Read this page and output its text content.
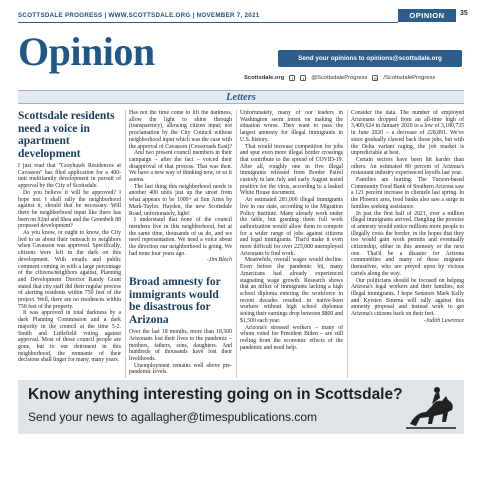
SCOTTSDALE PROGRESS | WWW.SCOTTSDALE.ORG | NOVEMBER 7, 2021	OPINION	35
Opinion	Send your opinions to opinions@scottsdale.org
Scottsdale.org	f	t	@ScottsdaleProgress	◎ /ScottsdaleProgress
Letters
Scottsdale residents need a voice in apartment development

I just read that "Grayhawk Residences at Cavasson" has filed application for a 400-unit multifamily development in pursuit of approval by the City of Scottsdale.

Do you believe it will be approved? I hope not. I shall rally the neighborhood against it, should that be necessary. Will there be neighborhood input like there has been on 92nd and Shea and the Greenbelt 88 proposed development?

As you know, or ought to know, the City lied to us about their outreach to neighbors when Cavasson was approved. Specifically, citizens were left in the dark on this development. With emails and public comment coming in with a large percentage of the citizens/neighbors against, Planning and Development Director Randy Grant stated that city staff did their regular process of alerting residents within 750 feet of the project. Well, there are no residences within 750 feet of the property.

It was approved in total darkness by a dark Planning Commission and a dark majority in the council at the time 5-2. Smith and Littlefield voting against approval. Most of those council people are gone, but to our detriment in this neighborhood, the remnants of their decisions shall linger for many, many years.

Has not the time come to lift the darkness, allow the light to shine through (transparency), allowing citizen input; not proclamation by the City Council without neighborhood input which was the case with the approval of Cavasson (Crossroads East)?

And two present council members in their campaign – after the fact – voiced their disapproval of that process. That was then. We have a new way of thinking now, or so it seems.

The last thing this neighborhood needs is another 400 units just up the street from what appears to be 1000+ at Sun Artes by Mark-Taylor. Hayden, the new Scottsdale Road, unfortunately, light!

I understand that none of the council members live in this neighborhood, but at the same time, thousands of us do, and we need representation. We need a voice about the direction our neighborhood is going. We had none four years ago.

-Jim Bloch

Broad amnesty for immigrants would be disastrous for Arizona

Over the last 18 months, more than 18,500 Arizonans lost their lives to the pandemic – mothers, fathers, sons, daughters. And hundreds of thousands have lost their livelihoods.

Unemployment remains well above pre-pandemic levels.

Unfortunately, many of our leaders in Washington seem intent on making the situation worse. They want to pass the largest amnesty for illegal immigrants in U.S. history.

That would increase competition for jobs and spur even more illegal border crossings that contribute to the spread of COVID-19. After all, roughly one in five illegal immigrants released from Border Patrol custody in late July and early August tested positive for the virus, according to a leaked White House document.

An estimated 281,000 illegal immigrants live in our state, according to the Migration Policy Institute. Many already work under the table, but granting them full work authorization would allow them to compete for a wider range of jobs against citizens and legal immigrants. That'd make it even more difficult for over 225,000 unemployed Arizonans to find work.

Meanwhile, overall wages would decline. Even before the pandemic hit, many Americans had already experienced stagnating wage growth. Research shows that an influx of immigrants lacking a high school diploma entering the workforce in recent decades resulted in native-born workers without high school diplomas seeing their earnings drop between $800 and $1,500 each year.

Arizona's stressed workers – many of whom voted for President Biden – are still reeling from the economic effects of the pandemic and need help.

Consider the data. The number of employed Arizonans dropped from an all-time high of 3,409,624 in January 2020 to a low of 3,180,735 in June 2020 – a decrease of 228,891. We've since gradually clawed back those jobs, but with the Delta variant raging, the job market is unpredictable at best.

Certain sectors have been hit harder than others. An estimated 80 percent of Arizona's restaurant industry experienced layoffs last year.

Families are hurting. The Tucson-based Community Food Bank of Southern Arizona saw a 121 percent increase in clientele last spring. In the Phoenix area, food banks also saw a surge in families seeking assistance.

In just the first half of 2021, over a million illegal immigrants arrived. Dangling the promise of amnesty would entice millions more people to illegally cross the border, in the hopes that they too would gain work permits and eventually citizenship, either in this amnesty or the next one. That'd be a disaster for Arizona communities and many of these migrants themselves, who are preyed upon by vicious cartels along the way.

Our politicians should be focused on helping Arizona's legal workers and their families, not illegal immigrants. I hope Senators Mark Kelly and Kyrsten Sinema will rally against this amnesty proposal and instead work to get Arizona's citizens back on their feet.

-Judith Lawrence

Know anything interesting going on in Scottsdale?
Send your news to agallagher@timespublications.com
